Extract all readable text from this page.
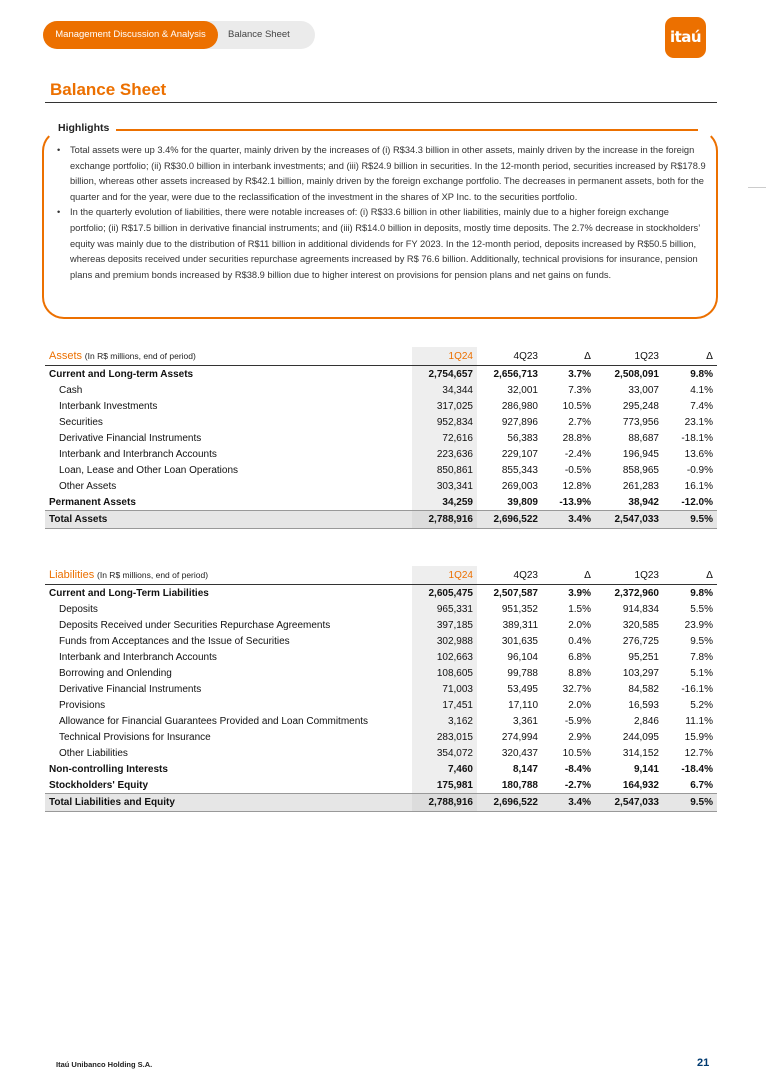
Management Discussion & Analysis	Balance Sheet	itaú
Balance Sheet
Highlights
• Total assets were up 3.4% for the quarter, mainly driven by the increases of (i) R$34.3 billion in other assets, mainly driven by the increase in the foreign exchange portfolio; (ii) R$30.0 billion in interbank investments; and (iii) R$24.9 billion in securities. In the 12-month period, securities increased by R$178.9 billion, whereas other assets increased by R$42.1 billion, mainly driven by the foreign exchange portfolio. The decreases in permanent assets, both for the quarter and for the year, were due to the reclassification of the investment in the shares of XP Inc. to the securities portfolio.
• In the quarterly evolution of liabilities, there were notable increases of: (i) R$33.6 billion in other liabilities, mainly due to a higher foreign exchange portfolio; (ii) R$17.5 billion in derivative financial instruments; and (iii) R$14.0 billion in deposits, mostly time deposits. The 2.7% decrease in stockholders’ equity was mainly due to the distribution of R$11 billion in additional dividends for FY 2023. In the 12-month period, deposits increased by R$50.5 billion, whereas deposits received under securities repurchase agreements increased by R$ 76.6 billion. Additionally, technical provisions for insurance, pension plans and premium bonds increased by R$38.9 billion due to higher interest on provisions for pension plans and net gains on funds.
Assets (In R$ millions, end of period)	1Q24	4Q23	Δ	1Q23	Δ
Current and Long-term Assets	2,754,657	2,656,713	3.7%	2,508,091	9.8%
Cash	34,344	32,001	7.3%	33,007	4.1%
Interbank Investments	317,025	286,980	10.5%	295,248	7.4%
Securities	952,834	927,896	2.7%	773,956	23.1%
Derivative Financial Instruments	72,616	56,383	28.8%	88,687	-18.1%
Interbank and Interbranch Accounts	223,636	229,107	-2.4%	196,945	13.6%
Loan, Lease and Other Loan Operations	850,861	855,343	-0.5%	858,965	-0.9%
Other Assets	303,341	269,003	12.8%	261,283	16.1%
Permanent Assets	34,259	39,809	-13.9%	38,942	-12.0%
Total Assets	2,788,916	2,696,522	3.4%	2,547,033	9.5%
Liabilities (In R$ millions, end of period)	1Q24	4Q23	Δ	1Q23	Δ
Current and Long-Term Liabilities	2,605,475	2,507,587	3.9%	2,372,960	9.8%
Deposits	965,331	951,352	1.5%	914,834	5.5%
Deposits Received under Securities Repurchase Agreements	397,185	389,311	2.0%	320,585	23.9%
Funds from Acceptances and the Issue of Securities	302,988	301,635	0.4%	276,725	9.5%
Interbank and Interbranch Accounts	102,663	96,104	6.8%	95,251	7.8%
Borrowing and Onlending	108,605	99,788	8.8%	103,297	5.1%
Derivative Financial Instruments	71,003	53,495	32.7%	84,582	-16.1%
Provisions	17,451	17,110	2.0%	16,593	5.2%
Allowance for Financial Guarantees Provided and Loan Commitments	3,162	3,361	-5.9%	2,846	11.1%
Technical Provisions for Insurance	283,015	274,994	2.9%	244,095	15.9%
Other Liabilities	354,072	320,437	10.5%	314,152	12.7%
Non-controlling Interests	7,460	8,147	-8.4%	9,141	-18.4%
Stockholders' Equity	175,981	180,788	-2.7%	164,932	6.7%
Total Liabilities and Equity	2,788,916	2,696,522	3.4%	2,547,033	9.5%
Itaú Unibanco Holding S.A.	21
